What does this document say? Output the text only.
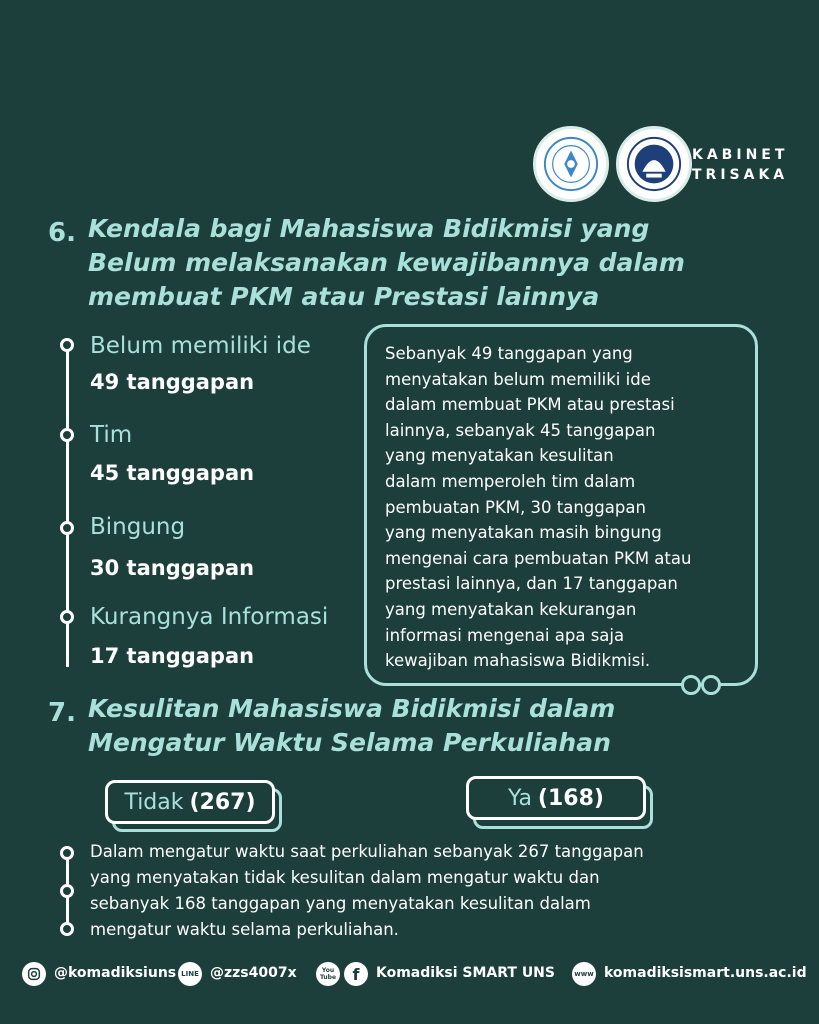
KABINET
TRISAKA
6. Kendala bagi Mahasiswa Bidikmisi yang
Belum melaksanakan kewajibannya dalam
membuat PKM atau Prestasi lainnya
Belum memiliki ide
49 tanggapan
Tim
45 tanggapan
Bingung
30 tanggapan
Kurangnya Informasi
17 tanggapan
Sebanyak 49 tanggapan yang
menyatakan belum memiliki ide
dalam membuat PKM atau prestasi
lainnya, sebanyak 45 tanggapan
yang menyatakan kesulitan
dalam memperoleh tim dalam
pembuatan PKM, 30 tanggapan
yang menyatakan masih bingung
mengenai cara pembuatan PKM atau
prestasi lainnya, dan 17 tanggapan
yang menyatakan kekurangan
informasi mengenai apa saja
kewajiban mahasiswa Bidikmisi.
7. Kesulitan Mahasiswa Bidikmisi dalam
Mengatur Waktu Selama Perkuliahan
Tidak (267)	Ya (168)
Dalam mengatur waktu saat perkuliahan sebanyak 267 tanggapan
yang menyatakan tidak kesulitan dalam mengatur waktu dan
sebanyak 168 tanggapan yang menyatakan kesulitan dalam
mengatur waktu selama perkuliahan.
@komadiksiuns LINE @zzs4007x	You Tube	f	Komadiksi SMART UNS	www komadiksismart.uns.ac.id
